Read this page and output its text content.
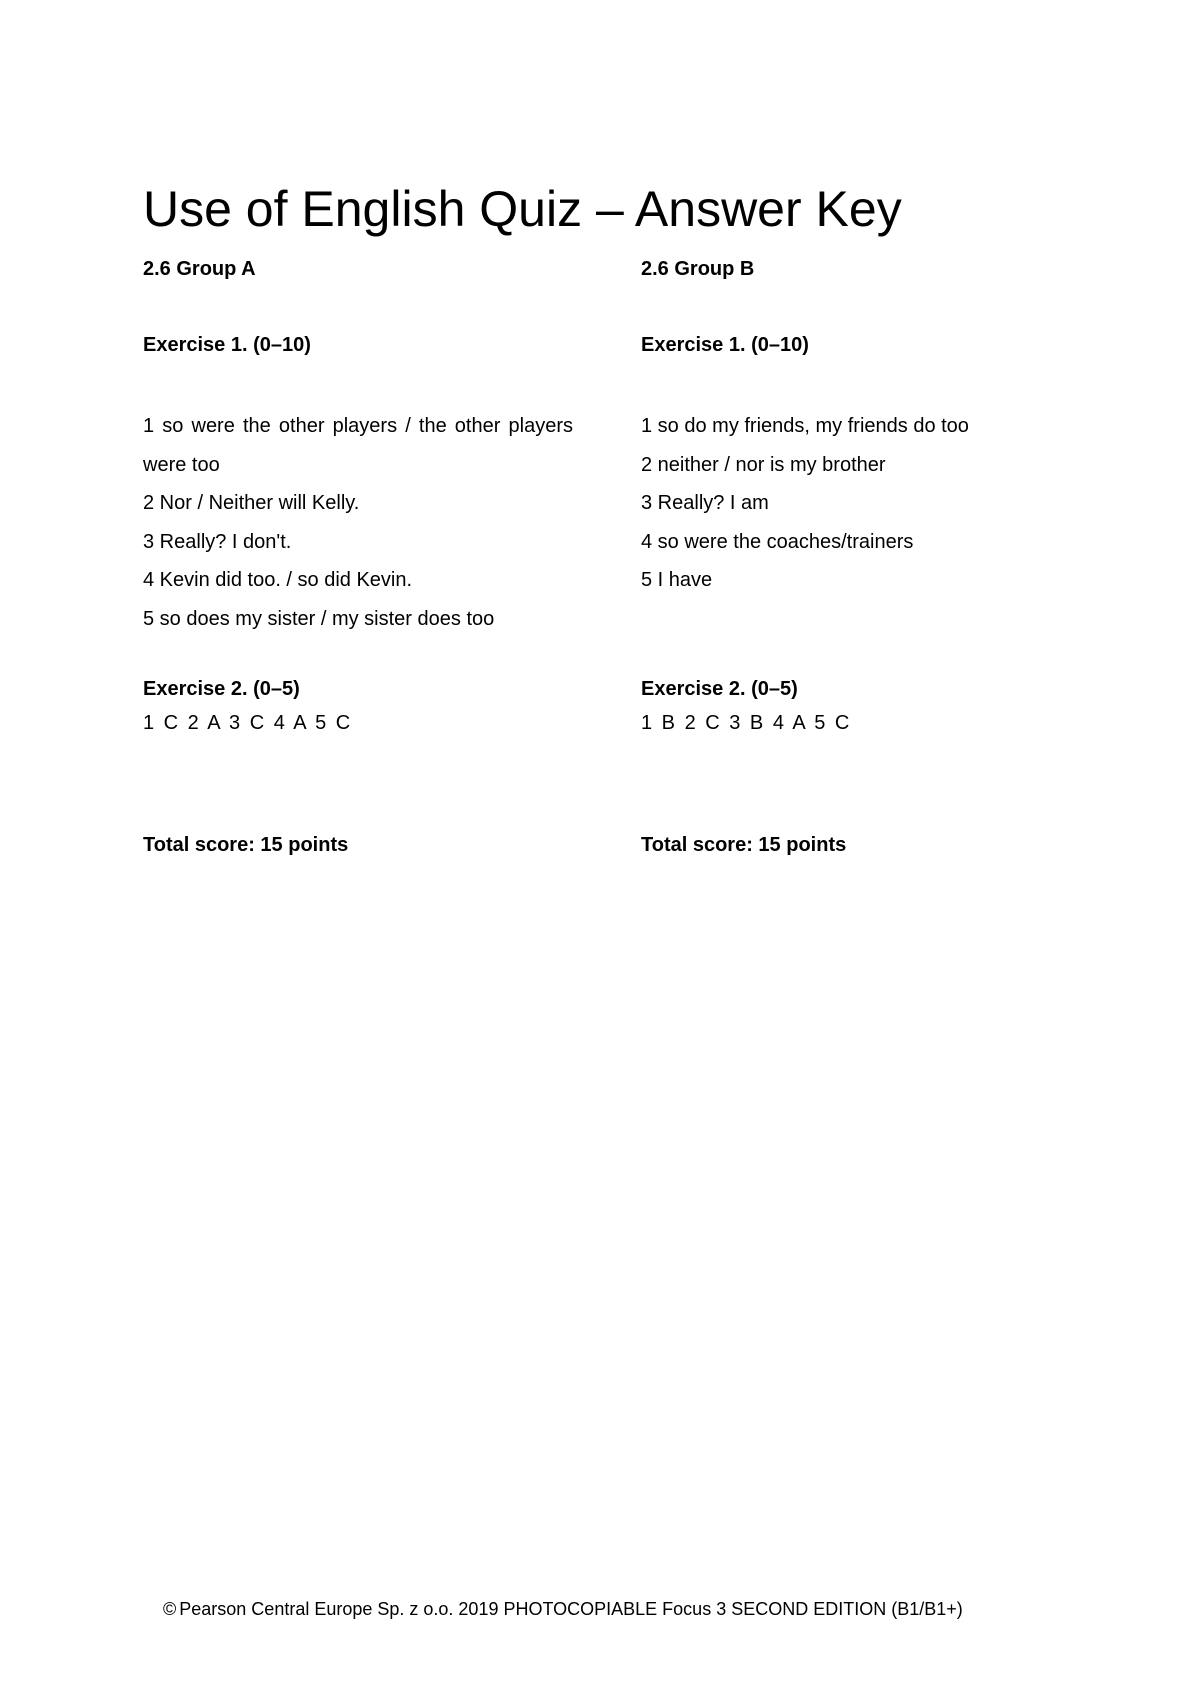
Use of English Quiz – Answer Key
2.6 Group A
Exercise 1. (0–10)
1 so were the other players / the other players were too
2 Nor / Neither will Kelly.
3 Really? I don't.
4 Kevin did too. / so did Kevin.
5 so does my sister / my sister does too
Exercise 2. (0–5)

1 C 2 A 3 C 4 A 5 C

Total score: 15 points
2.6 Group B
Exercise 1. (0–10)
1 so do my friends, my friends do too
2 neither / nor is my brother
3 Really? I am
4 so were the coaches/trainers
5 I have
Exercise 2. (0–5)

1 B 2 C 3 B 4 A 5 C

Total score: 15 points
© Pearson Central Europe Sp. z o.o. 2019 PHOTOCOPIABLE Focus 3 SECOND EDITION (B1/B1+)
